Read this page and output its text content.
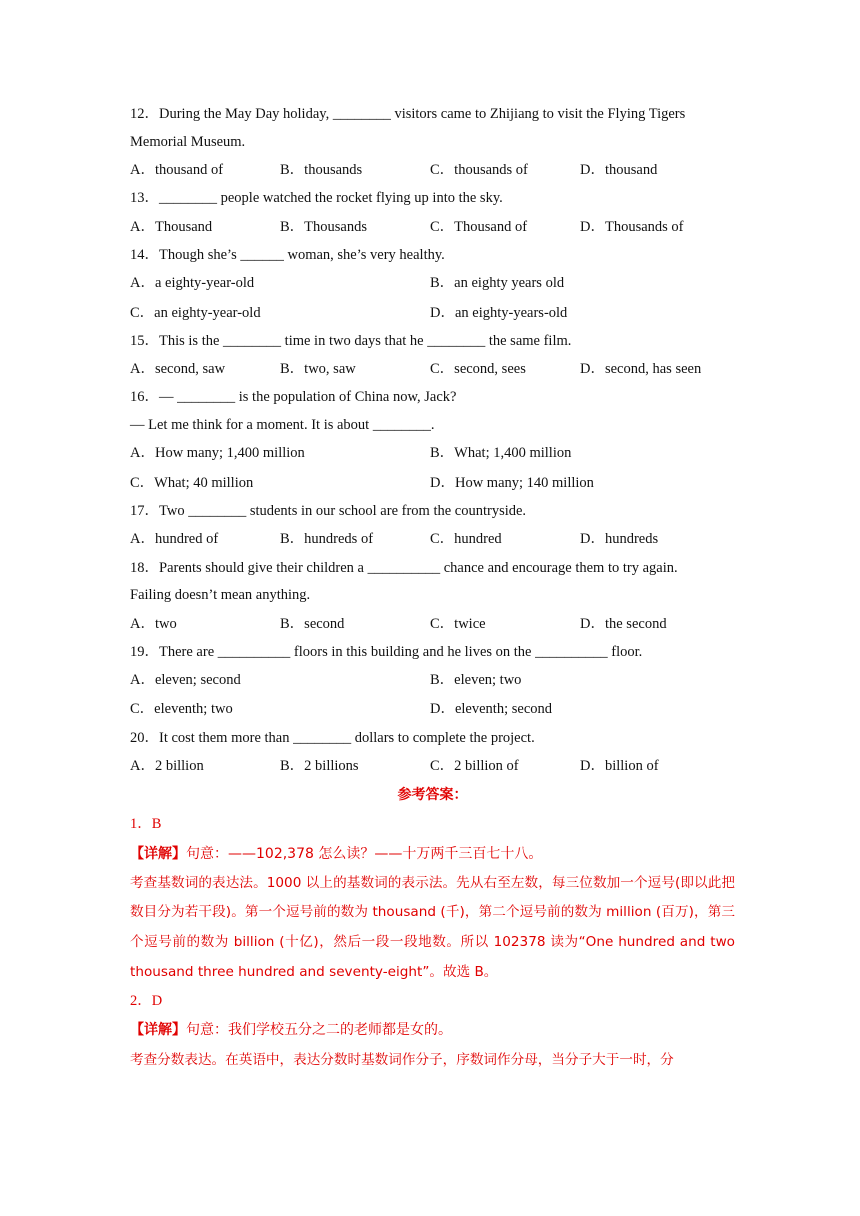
12．During the May Day holiday, ________ visitors came to Zhijiang to visit the Flying Tigers
Memorial Museum.
A．thousand of	B．thousands	C．thousands of	D．thousand
13．________ people watched the rocket flying up into the sky.
A．Thousand	B．Thousands	C．Thousand of	D．Thousands of
14．Though she’s ______ woman, she’s very healthy.
A．a eighty-year-old	B．an eighty years old
C．an eighty-year-old	D．an eighty-years-old
15．This is the ________ time in two days that he ________ the same film.
A．second, saw	B．two, saw	C．second, sees	D．second, has seen
16．— ________ is the population of China now, Jack?
— Let me think for a moment. It is about ________.
A．How many; 1,400 million	B．What; 1,400 million
C．What; 40 million	D．How many; 140 million
17．Two ________ students in our school are from the countryside.
A．hundred of	B．hundreds of	C．hundred	D．hundreds
18．Parents should give their children a __________ chance and encourage them to try again.
Failing doesn’t mean anything.
A．two	B．second	C．twice	D．the second
19．There are __________ floors in this building and he lives on the __________ floor.
A．eleven; second	B．eleven; two
C．eleventh; two	D．eleventh; second
20．It cost them more than ________ dollars to complete the project.
A．2 billion	B．2 billions	C．2 billion of	D．billion of
参考答案：
1．B
【详解】句意：——102,378 怎么读？——十万两千三百七十八。
考查基数词的表达法。1000 以上的基数词的表示法。先从右至左数，每三位数加一个逗号(即以此把数目分为若干段)。第一个逗号前的数为 thousand (千)，第二个逗号前的数为 million (百万)，第三个逗号前的数为 billion (十亿)，然后一段一段地数。所以 102378 读为“One hundred and two thousand three hundred and seventy-eight”。故选 B。
2．D
【详解】句意：我们学校五分之二的老师都是女的。
考查分数表达。在英语中，表达分数时基数词作分子，序数词作分母，当分子大于一时，分
